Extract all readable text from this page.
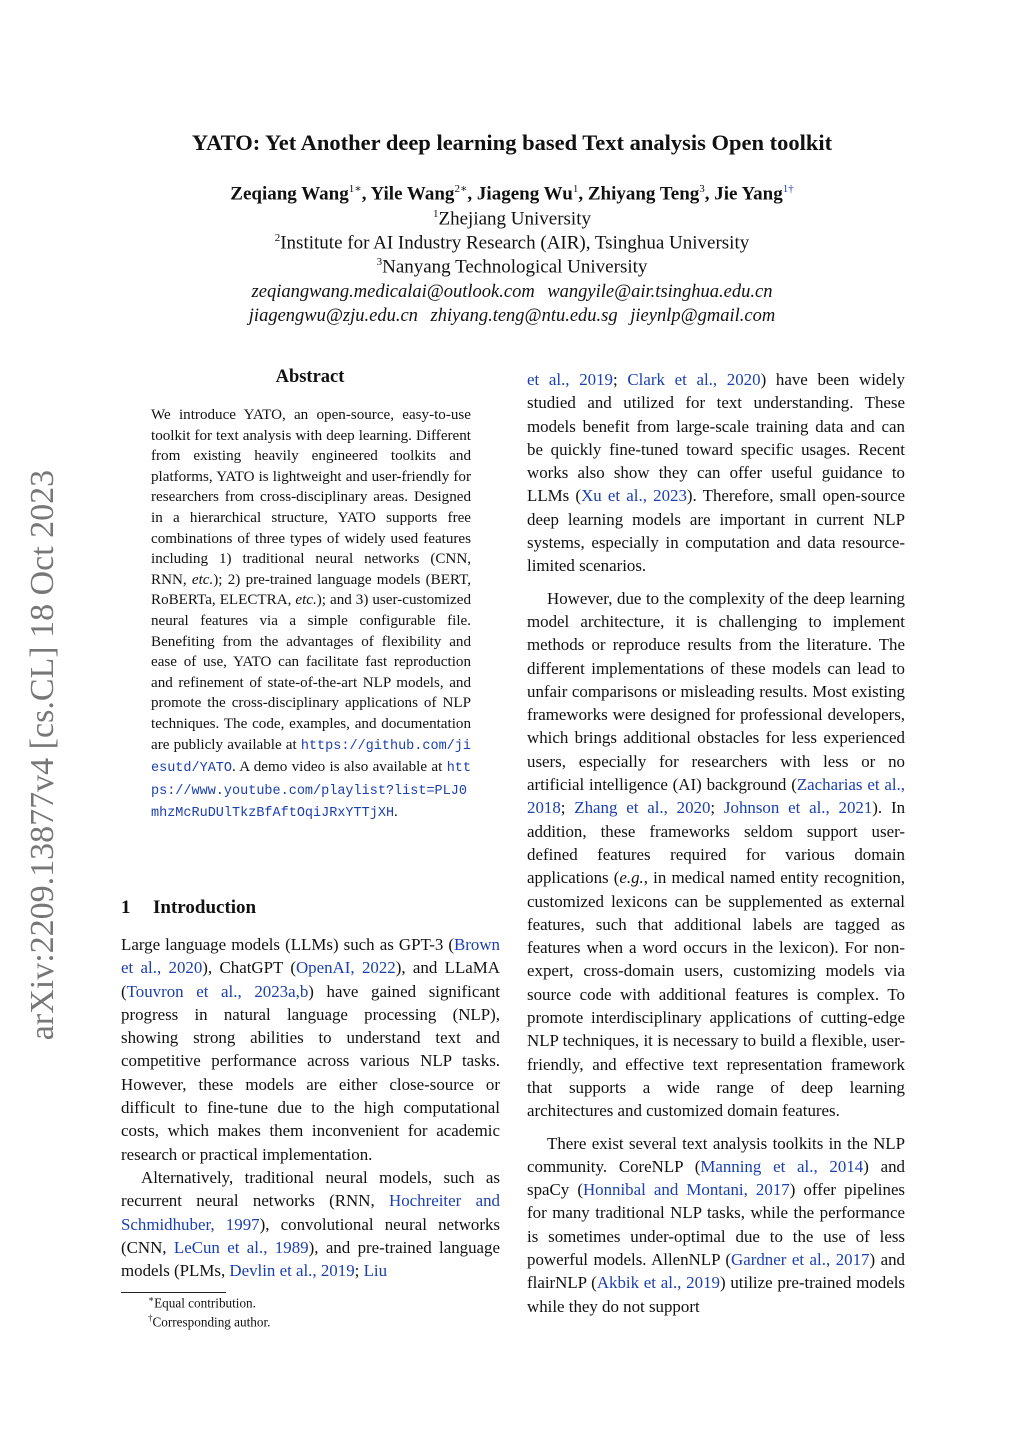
arXiv:2209.13877v4 [cs.CL] 18 Oct 2023
YATO: Yet Another deep learning based Text analysis Open toolkit
Zeqiang Wang$^{1∗}$, Yile Wang$^{2∗}$, Jiageng Wu$^1$, Zhiyang Teng$^3$, Jie Yang$^{1\dagger}$
$^1$Zhejiang University
$^2$Institute for AI Industry Research (AIR), Tsinghua University
$^3$Nanyang Technological University
zeqiangwang.medicalai@outlook.com wangyile@air.tsinghua.edu.cn
jiagengwu@zju.edu.cn zhiyang.teng@ntu.edu.sg jieynlp@gmail.com
Abstract
We introduce YATO, an open-source, easy-to-use toolkit for text analysis with deep learning. Different from existing heavily engineered toolkits and platforms, YATO is lightweight and user-friendly for researchers from cross-disciplinary areas. Designed in a hierarchical structure, YATO supports free combinations of three types of widely used features including 1) traditional neural networks (CNN, RNN, etc.); 2) pre-trained language models (BERT, RoBERTa, ELECTRA, etc.); and 3) user-customized neural features via a simple configurable file. Benefiting from the advantages of flexibility and ease of use, YATO can facilitate fast reproduction and refinement of state-of-the-art NLP models, and promote the cross-disciplinary applications of NLP techniques. The code, examples, and documentation are publicly available at https://github.com/jiesutd/YATO. A demo video is also available at https://www.youtube.com/playlist?list=PLJ0mhzMcRuDUlTkzBfAftOqiJRxYTTjXH.
1 Introduction

Large language models (LLMs) such as GPT-3 (Brown et al., 2020), ChatGPT (OpenAI, 2022), and LLaMA (Touvron et al., 2023a,b) have gained significant progress in natural language processing (NLP), showing strong abilities to understand text and competitive performance across various NLP tasks. However, these models are either close-source or difficult to fine-tune due to the high computational costs, which makes them inconvenient for academic research or practical implementation.

Alternatively, traditional neural models, such as recurrent neural networks (RNN, Hochreiter and Schmidhuber, 1997), convolutional neural networks (CNN, LeCun et al., 1989), and pre-trained language models (PLMs, Devlin et al., 2019; Liu

et al., 2019; Clark et al., 2020) have been widely studied and utilized for text understanding. These models benefit from large-scale training data and can be quickly fine-tuned toward specific usages. Recent works also show they can offer useful guidance to LLMs (Xu et al., 2023). Therefore, small open-source deep learning models are important in current NLP systems, especially in computation and data resource-limited scenarios.

However, due to the complexity of the deep learning model architecture, it is challenging to implement methods or reproduce results from the literature. The different implementations of these models can lead to unfair comparisons or misleading results. Most existing frameworks were designed for professional developers, which brings additional obstacles for less experienced users, especially for researchers with less or no artificial intelligence (AI) background (Zacharias et al., 2018; Zhang et al., 2020; Johnson et al., 2021). In addition, these frameworks seldom support user-defined features required for various domain applications (e.g., in medical named entity recognition, customized lexicons can be supplemented as external features, such that additional labels are tagged as features when a word occurs in the lexicon). For non-expert, cross-domain users, customizing models via source code with additional features is complex. To promote interdisciplinary applications of cutting-edge NLP techniques, it is necessary to build a flexible, user-friendly, and effective text representation framework that supports a wide range of deep learning architectures and customized domain features.

There exist several text analysis toolkits in the NLP community. CoreNLP (Manning et al., 2014) and spaCy (Honnibal and Montani, 2017) offer pipelines for many traditional NLP tasks, while the performance is sometimes under-optimal due to the use of less powerful models. AllenNLP (Gardner et al., 2017) and flairNLP (Akbik et al., 2019) utilize pre-trained models while they do not support

∗Equal contribution.
†Corresponding author.
